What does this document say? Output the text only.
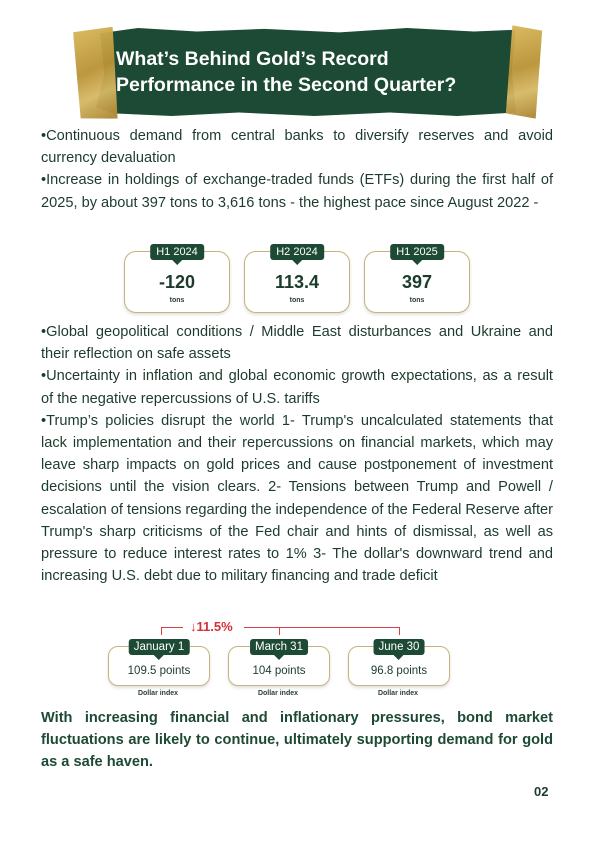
What’s Behind Gold’s Record
Performance in the Second Quarter?

•Continuous demand from central banks to diversify reserves and avoid currency devaluation

•Increase in holdings of exchange-traded funds (ETFs) during the first half of 2025, by about 397 tons to 3,616 tons - the highest pace since August 2022 -

H1 2024
-120
tons
H2 2024
113.4
tons
H1 2025
397
tons

•Global geopolitical conditions / Middle East disturbances and Ukraine and their reflection on safe assets

•Uncertainty in inflation and global economic growth expectations, as a result of the negative repercussions of U.S. tariffs

•Trump’s policies disrupt the world 1- Trump's uncalculated statements that lack implementation and their repercussions on financial markets, which may leave sharp impacts on gold prices and cause postponement of investment decisions until the vision clears. 2- Tensions between Trump and Powell / escalation of tensions regarding the independence of the Federal Reserve after Trump's sharp criticisms of the Fed chair and hints of dismissal, as well as pressure to reduce interest rates to 1% 3- The dollar's downward trend and increasing U.S. debt due to military financing and trade deficit

↓11.5%
January 1
109.5 points
Dollar index
March 31
104 points
Dollar index
June 30
96.8 points
Dollar index

With increasing financial and inflationary pressures, bond market fluctuations are likely to continue, ultimately supporting demand for gold as a safe haven.

02
